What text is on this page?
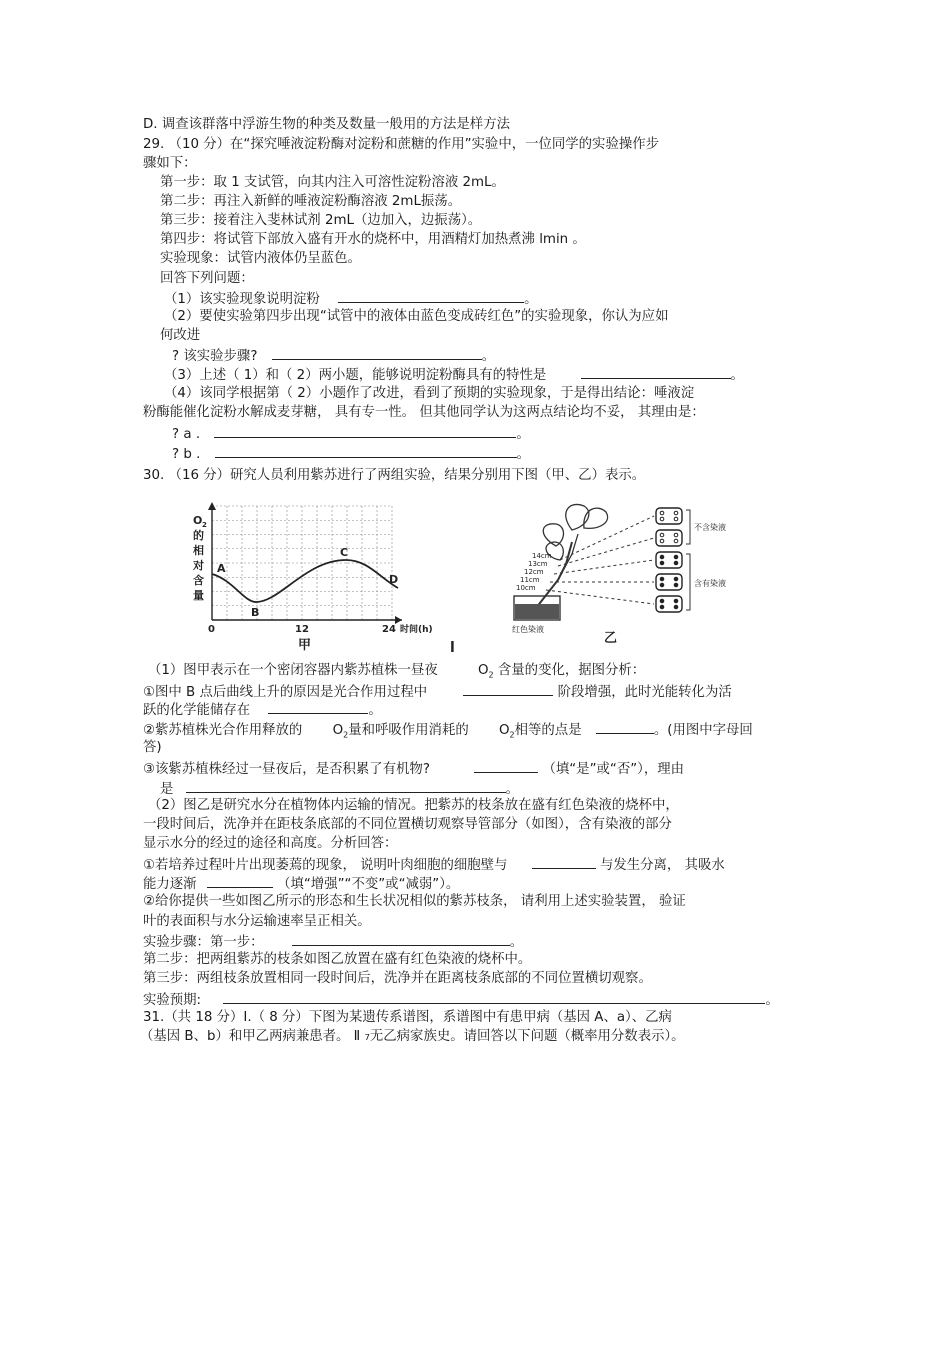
D. 调查该群落中浮游生物的种类及数量一般用的方法是样方法
29. （10 分）在“探究唾液淀粉酶对淀粉和蔗糖的作用”实验中，一位同学的实验操作步
骤如下：
第一步：取 1 支试管，向其内注入可溶性淀粉溶液 2mL。
第二步：再注入新鲜的唾液淀粉酶溶液 2mL振荡。
第三步：接着注入斐林试剂 2mL（边加入，边振荡）。
第四步：将试管下部放入盛有开水的烧杯中，用酒精灯加热煮沸 lmin 。
实验现象：试管内液体仍呈蓝色。
回答下列问题：
（1）该实验现象说明淀粉	。
（2）要使实验第四步出现“试管中的液体由蓝色变成砖红色”的实验现象，你认为应如
何改进
? 该实验步骤?	。
（3）上述（ 1）和（ 2）两小题，能够说明淀粉酶具有的特性是	。
（4）该同学根据第（ 2）小题作了改进，看到了预期的实验现象，于是得出结论：唾液淀
粉酶能催化淀粉水解成麦芽糖， 具有专一性。 但其他同学认为这两点结论均不妥， 其理由是：
? a .	。
? b .	。
30. （16 分）研究人员利用紫苏进行了两组实验，结果分别用下图（甲、乙）表示。
O 2
的
相
对
含
量
A
B
C
D
0	12	24 时间(h)
甲	l
红色染液
14cm
13cm
12cm
11cm
10cm
不含染液
含有染液
乙
（1）图甲表示在一个密闭容器内紫苏植株一昼夜	$O_2$ 含量的变化，据图分析：
①图中 B 点后曲线上升的原因是光合作用过程中	阶段增强，此时光能转化为活
跃的化学能储存在	。
②紫苏植株光合作用释放的 $O_2$量和呼吸作用消耗的 $O_2$相等的点是	。(用图中字母回
答)
③该紫苏植株经过一昼夜后，是否积累了有机物?	（填“是”或“否”），理由
是	。
（2）图乙是研究水分在植物体内运输的情况。把紫苏的枝条放在盛有红色染液的烧杯中，
一段时间后，洗净并在距枝条底部的不同位置横切观察导管部分（如图），含有染液的部分
显示水分的经过的途径和高度。分析回答：
①若培养过程叶片出现萎蔫的现象， 说明叶肉细胞的细胞壁与	与发生分离， 其吸水
能力逐渐	（填“增强”“不变”或“减弱”）。
②给你提供一些如图乙所示的形态和生长状况相似的紫苏枝条， 请利用上述实验装置， 验证
叶的表面积与水分运输速率呈正相关。
实验步骤：第一步：	。
第二步：把两组紫苏的枝条如图乙放置在盛有红色染液的烧杯中。
第三步：两组枝条放置相同一段时间后，洗净并在距离枝条底部的不同位置横切观察。
实验预期:	。
31.（共 18 分）Ⅰ.（ 8 分）下图为某遗传系谱图，系谱图中有患甲病（基因 A、a）、乙病
（基因 B、b）和甲乙两病兼患者。 Ⅱ ₇无乙病家族史。请回答以下问题（概率用分数表示）。
